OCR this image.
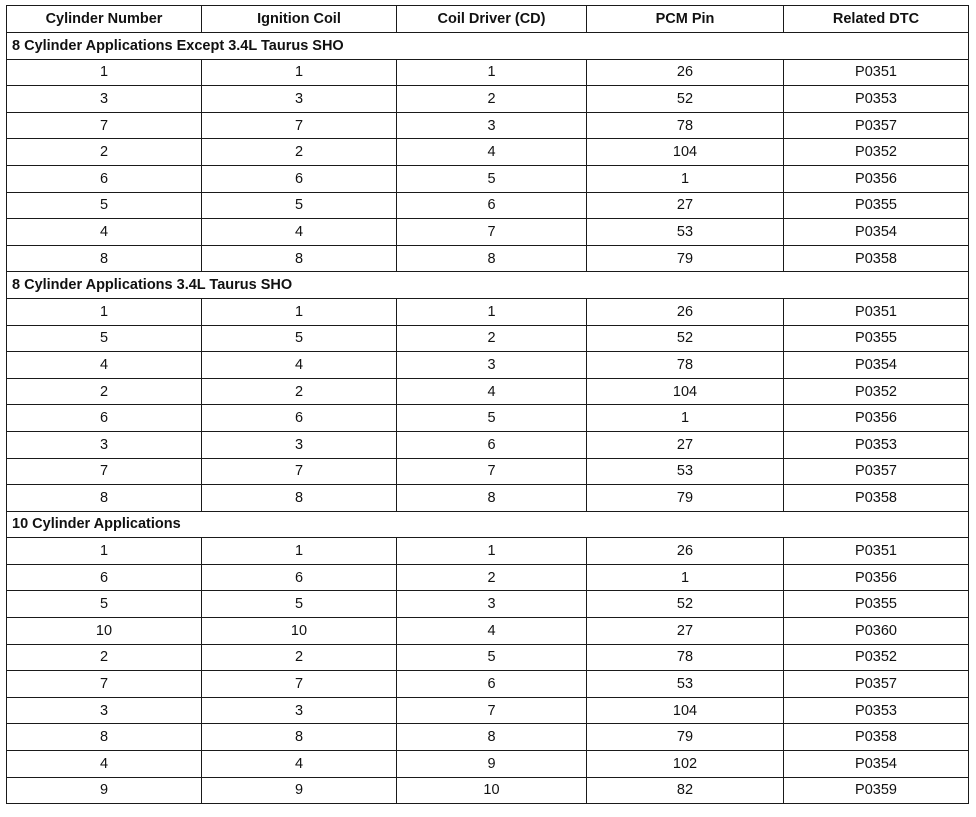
Cylinder Number	Ignition Coil	Coil Driver (CD)	PCM Pin	Related DTC
8 Cylinder Applications Except 3.4L Taurus SHO				
1	1	1	26	P0351
3	3	2	52	P0353
7	7	3	78	P0357
2	2	4	104	P0352
6	6	5	1	P0356
5	5	6	27	P0355
4	4	7	53	P0354
8	8	8	79	P0358
8 Cylinder Applications 3.4L Taurus SHO				
1	1	1	26	P0351
5	5	2	52	P0355
4	4	3	78	P0354
2	2	4	104	P0352
6	6	5	1	P0356
3	3	6	27	P0353
7	7	7	53	P0357
8	8	8	79	P0358
10 Cylinder Applications				
1	1	1	26	P0351
6	6	2	1	P0356
5	5	3	52	P0355
10	10	4	27	P0360
2	2	5	78	P0352
7	7	6	53	P0357
3	3	7	104	P0353
8	8	8	79	P0358
4	4	9	102	P0354
9	9	10	82	P0359
